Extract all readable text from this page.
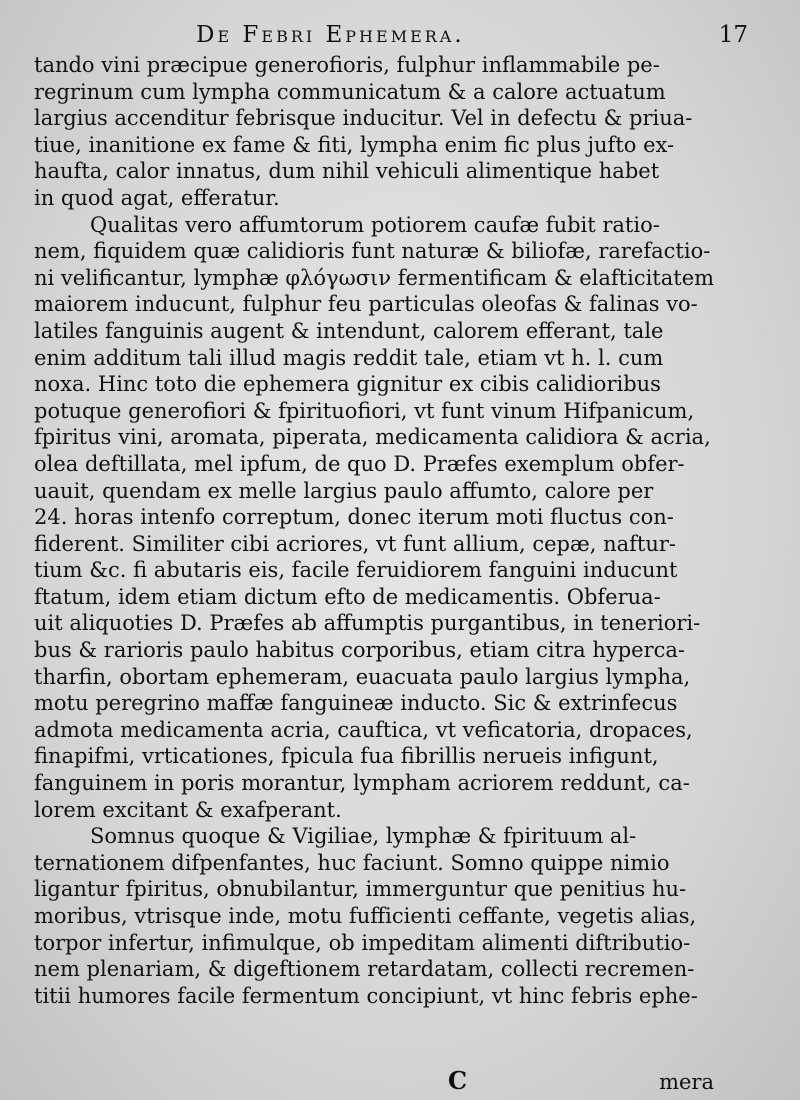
De Febri Ephemera.	17
tando vini præcipue generofioris, fulphur inflammabile pe-
regrinum cum lympha communicatum & a calore actuatum
largius accenditur febrisque inducitur. Vel in defectu & priua-
tiue, inanitione ex fame & fiti, lympha enim fic plus jufto ex-
haufta, calor innatus, dum nihil vehiculi alimentique habet
in quod agat, efferatur.
Qualitas vero affumtorum potiorem caufæ fubit ratio-
nem, fiquidem quæ calidioris funt naturæ & biliofæ, rarefactio-
ni velificantur, lymphæ φλόγωσιν fermentificam & elafticitatem
maiorem inducunt, fulphur feu particulas oleofas & falinas vo-
latiles fanguinis augent & intendunt, calorem efferant, tale
enim additum tali illud magis reddit tale, etiam vt h. l. cum
noxa. Hinc toto die ephemera gignitur ex cibis calidioribus
potuque generofiori & fpirituofiori, vt funt vinum Hifpanicum,
fpiritus vini, aromata, piperata, medicamenta calidiora & acria,
olea deftillata, mel ipfum, de quo D. Præfes exemplum obfer-
uauit, quendam ex melle largius paulo affumto, calore per
24. horas intenfo correptum, donec iterum moti fluctus con-
fiderent. Similiter cibi acriores, vt funt allium, cepæ, naftur-
tium &c. fi abutaris eis, facile feruidiorem fanguini inducunt
ftatum, idem etiam dictum efto de medicamentis. Obferua-
uit aliquoties D. Præfes ab affumptis purgantibus, in teneriori-
bus & rarioris paulo habitus corporibus, etiam citra hyperca-
tharfin, obortam ephemeram, euacuata paulo largius lympha,
motu peregrino maffæ fanguineæ inducto. Sic & extrinfecus
admota medicamenta acria, cauftica, vt veficatoria, dropaces,
finapifmi, vrticationes, fpicula fua fibrillis nerueis infigunt,
fanguinem in poris morantur, lympham acriorem reddunt, ca-
lorem excitant & exafperant.
Somnus quoque & Vigiliae, lymphæ & fpirituum al-
ternationem difpenfantes, huc faciunt. Somno quippe nimio
ligantur fpiritus, obnubilantur, immerguntur que penitius hu-
moribus, vtrisque inde, motu fufficienti ceffante, vegetis alias,
torpor infertur, infimulque, ob impeditam alimenti diftributio-
nem plenariam, & digeftionem retardatam, collecti recremen-
titii humores facile fermentum concipiunt, vt hinc febris ephe-
C	mera
